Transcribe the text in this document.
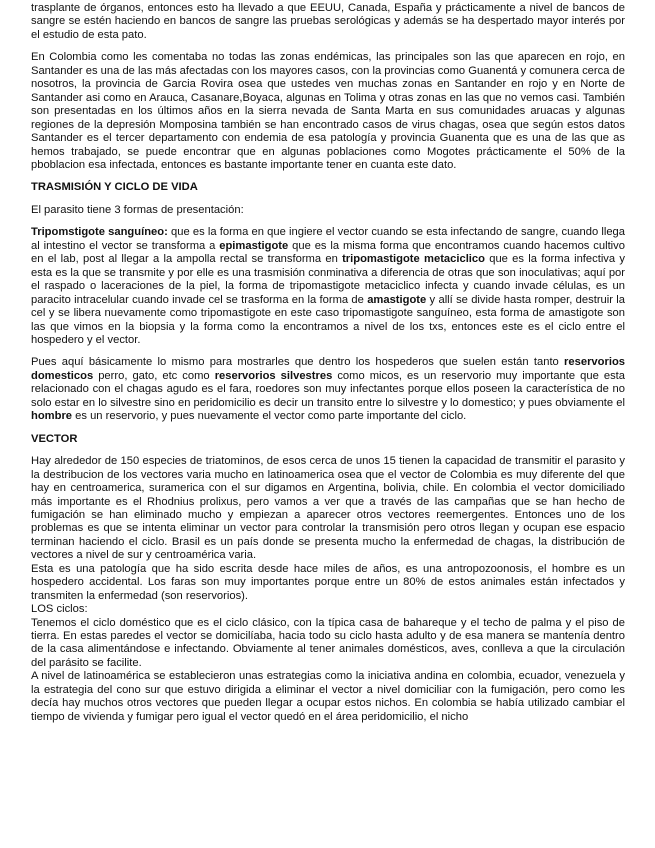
trasplante de órganos, entonces esto ha llevado a que EEUU, Canada, España y prácticamente a nivel de bancos de sangre se estén haciendo en bancos de sangre las pruebas serológicas y además se ha despertado mayor interés por el estudio de esta pato.

En Colombia como les comentaba no todas las zonas endémicas, las principales son las que aparecen en rojo, en Santander es una de las más afectadas con los mayores casos, con la provincias como Guanentá y comunera cerca de nosotros, la provincia de Garcia Rovira osea que ustedes ven muchas zonas en Santander en rojo y en Norte de Santander asi como en Arauca, Casanare,Boyaca, algunas en Tolima y otras zonas en las que no vemos casi. También son presentadas en los últimos años en la sierra nevada de Santa Marta en sus comunidades aruacas y algunas regiones de la depresión Momposina también se han encontrado casos de virus chagas, osea que según estos datos Santander es el tercer departamento con endemia de esa patología y provincia Guanenta que es una de las que as hemos trabajado, se puede encontrar que en algunas poblaciones como Mogotes prácticamente el 50% de la pboblacion esa infectada, entonces es bastante importante tener en cuanta este dato.

TRASMISIÓN Y CICLO DE VIDA

El parasito tiene 3 formas de presentación:

Tripomstigote sanguíneo: que es la forma en que ingiere el vector cuando se esta infectando de sangre, cuando llega al intestino el vector se transforma a epimastigote que es la misma forma que encontramos cuando hacemos cultivo en el lab, post al llegar a la ampolla rectal se transforma en tripomastigote metaciclico que es la forma infectiva y esta es la que se transmite y por elle es una trasmisión conminativa a diferencia de otras que son inoculativas; aquí por el raspado o laceraciones de la piel, la forma de tripomastigote metaciclico infecta y cuando invade células, es un paracito intracelular cuando invade cel se trasforma en la forma de amastigote y allí se divide hasta romper, destruir la cel y se libera nuevamente como tripomastigote en este caso tripomastigote sanguíneo, esta forma de amastigote son las que vimos en la biopsia y la forma como la encontramos a nivel de los txs, entonces este es el ciclo entre el hospedero y el vector.

Pues aquí básicamente lo mismo para mostrarles que dentro los hospederos que suelen están tanto reservorios domesticos perro, gato, etc como reservorios silvestres como micos, es un reservorio muy importante que esta relacionado con el chagas agudo es el fara, roedores son muy infectantes porque ellos poseen la característica de no solo estar en lo silvestre sino en peridomicilio es decir un transito entre lo silvestre y lo domestico; y pues obviamente el hombre es un reservorio, y pues nuevamente el vector como parte importante del ciclo.

VECTOR

Hay alrededor de 150 especies de triatominos, de esos cerca de unos 15 tienen la capacidad de transmitir el parasito y la destribucion de los vectores varia mucho en latinoamerica osea que el vector de Colombia es muy diferente del que hay en centroamerica, suramerica con el sur digamos en Argentina, bolivia, chile. En colombia el vector domiciliado más importante es el Rhodnius prolixus, pero vamos a ver que a través de las campañas que se han hecho de fumigación se han eliminado mucho y empiezan a aparecer otros vectores reemergentes. Entonces uno de los problemas es que se intenta eliminar un vector para controlar la transmisión pero otros llegan y ocupan ese espacio terminan haciendo el ciclo. Brasil es un país donde se presenta mucho la enfermedad de chagas, la distribución de vectores a nivel de sur y centroamérica varia.

Esta es una patología que ha sido escrita desde hace miles de años, es una antropozoonosis, el hombre es un hospedero accidental. Los faras son muy importantes porque entre un 80% de estos animales están infectados y transmiten la enfermedad (son reservorios).

LOS ciclos:

Tenemos el ciclo doméstico que es el ciclo clásico, con la típica casa de bahareque y el techo de palma y el piso de tierra. En estas paredes el vector se domicilíaba, hacia todo su ciclo hasta adulto y de esa manera se mantenía dentro de la casa alimentándose e infectando. Obviamente al tener animales domésticos, aves, conlleva a que la circulación del parásito se facilite.

A nivel de latinoamérica se establecieron unas estrategias como la iniciativa andina en colombia, ecuador, venezuela y la estrategia del cono sur que estuvo dirigida a eliminar el vector a nivel domiciliar con la fumigación, pero como les decía hay muchos otros vectores que pueden llegar a ocupar estos nichos. En colombia se había utilizado cambiar el tiempo de vivienda y fumigar pero igual el vector quedó en el área peridomicilio, el nicho
